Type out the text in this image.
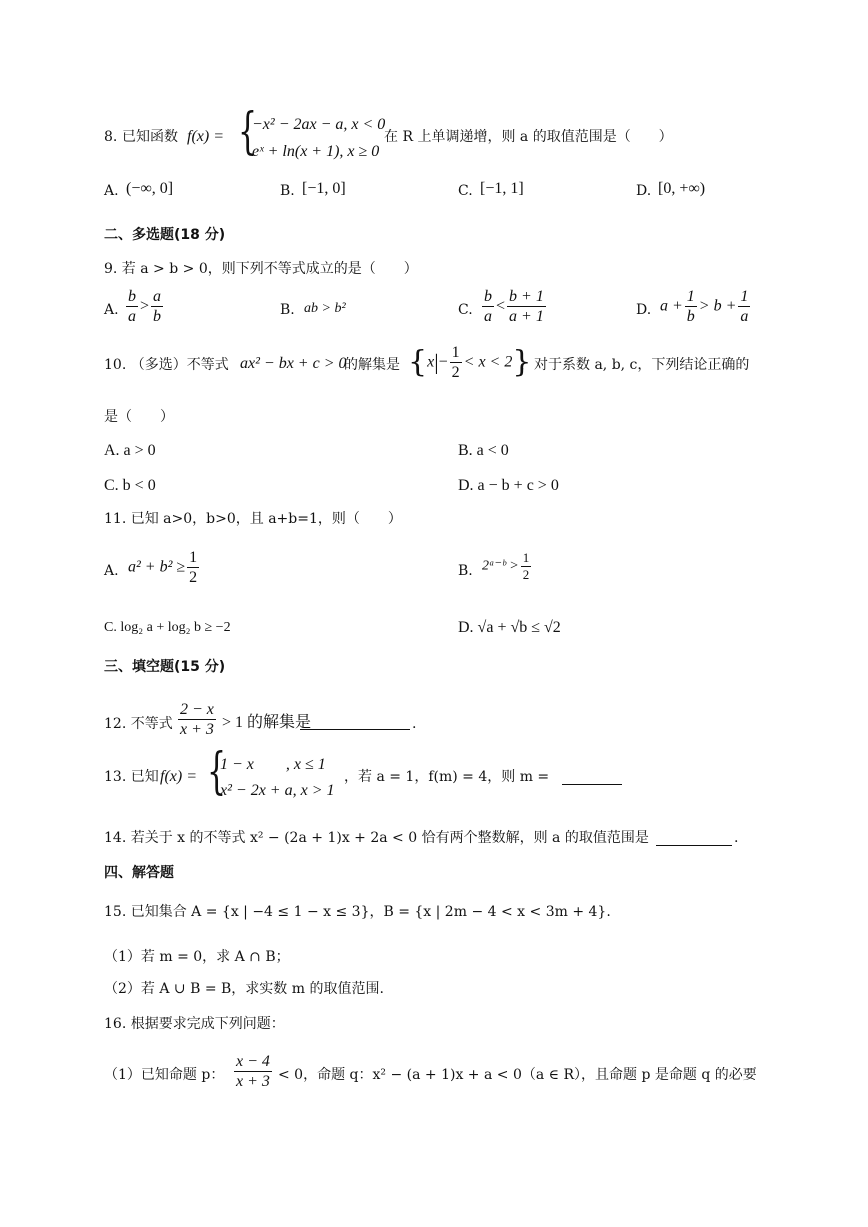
8. 已知函数 f(x) = {
−x² − 2ax − a, x < 0
eˣ + ln(x + 1), x ≥ 0
在 R 上单调递增，则 a 的取值范围是（　　）
A. (−∞, 0]	B. [−1, 0]	C. [−1, 1]	D. [0, +∞)
二、多选题(18 分)
9. 若 a > b > 0，则下列不等式成立的是（　　）
A. $\frac{b}{a} > \frac{a}{b}$	B. ab > b²	C. $\frac{b}{a} < \frac{b + 1}{a + 1}$	D. $a + \frac{1}{b} > b + \frac{1}{a}$
10. （多选）不等式 ax² − bx + c > 0
的解集是 $\{x|- \frac{1}{2} < x < 2\}$
，对于系数 a, b, c，下列结论正确的
是（　　）
A. a > 0	B. a < 0
C. b < 0	D. a − b + c > 0
11. 已知 a>0，b>0，且 a+b=1，则（　　）
A. $a^2 + b^2 \ge \frac{1}{2}$	B. 2ᵃ⁻ᵇ > $\frac{1}{2}$
C. log₂ a + log₂ b ≥ −2	D. √a + √b ≤ √2
三、填空题(15 分)
12. 不等式 $\frac{2 - x}{x + 3} > 1$ 的解集是	.
13. 已知 f(x) = {
1 − x　　, x ≤ 1
x² − 2x + a, x > 1
，若 a = 1，f(m) = 4，则 m =
14. 若关于 x 的不等式 x² − (2a + 1)x + 2a < 0 恰有两个整数解，则 a 的取值范围是	.
四、解答题
15. 已知集合 A = {x | −4 ≤ 1 − x ≤ 3}，B = {x | 2m − 4 < x < 3m + 4}.
（1）若 m = 0，求 A ∩ B；
（2）若 A ∪ B = B，求实数 m 的取值范围.
16. 根据要求完成下列问题：
（1）已知命题 p： $\frac{x - 4}{x + 3} < 0$，命题 q：x² − (a + 1)x + a < 0（a ∈ R），且命题 p 是命题 q 的必要
